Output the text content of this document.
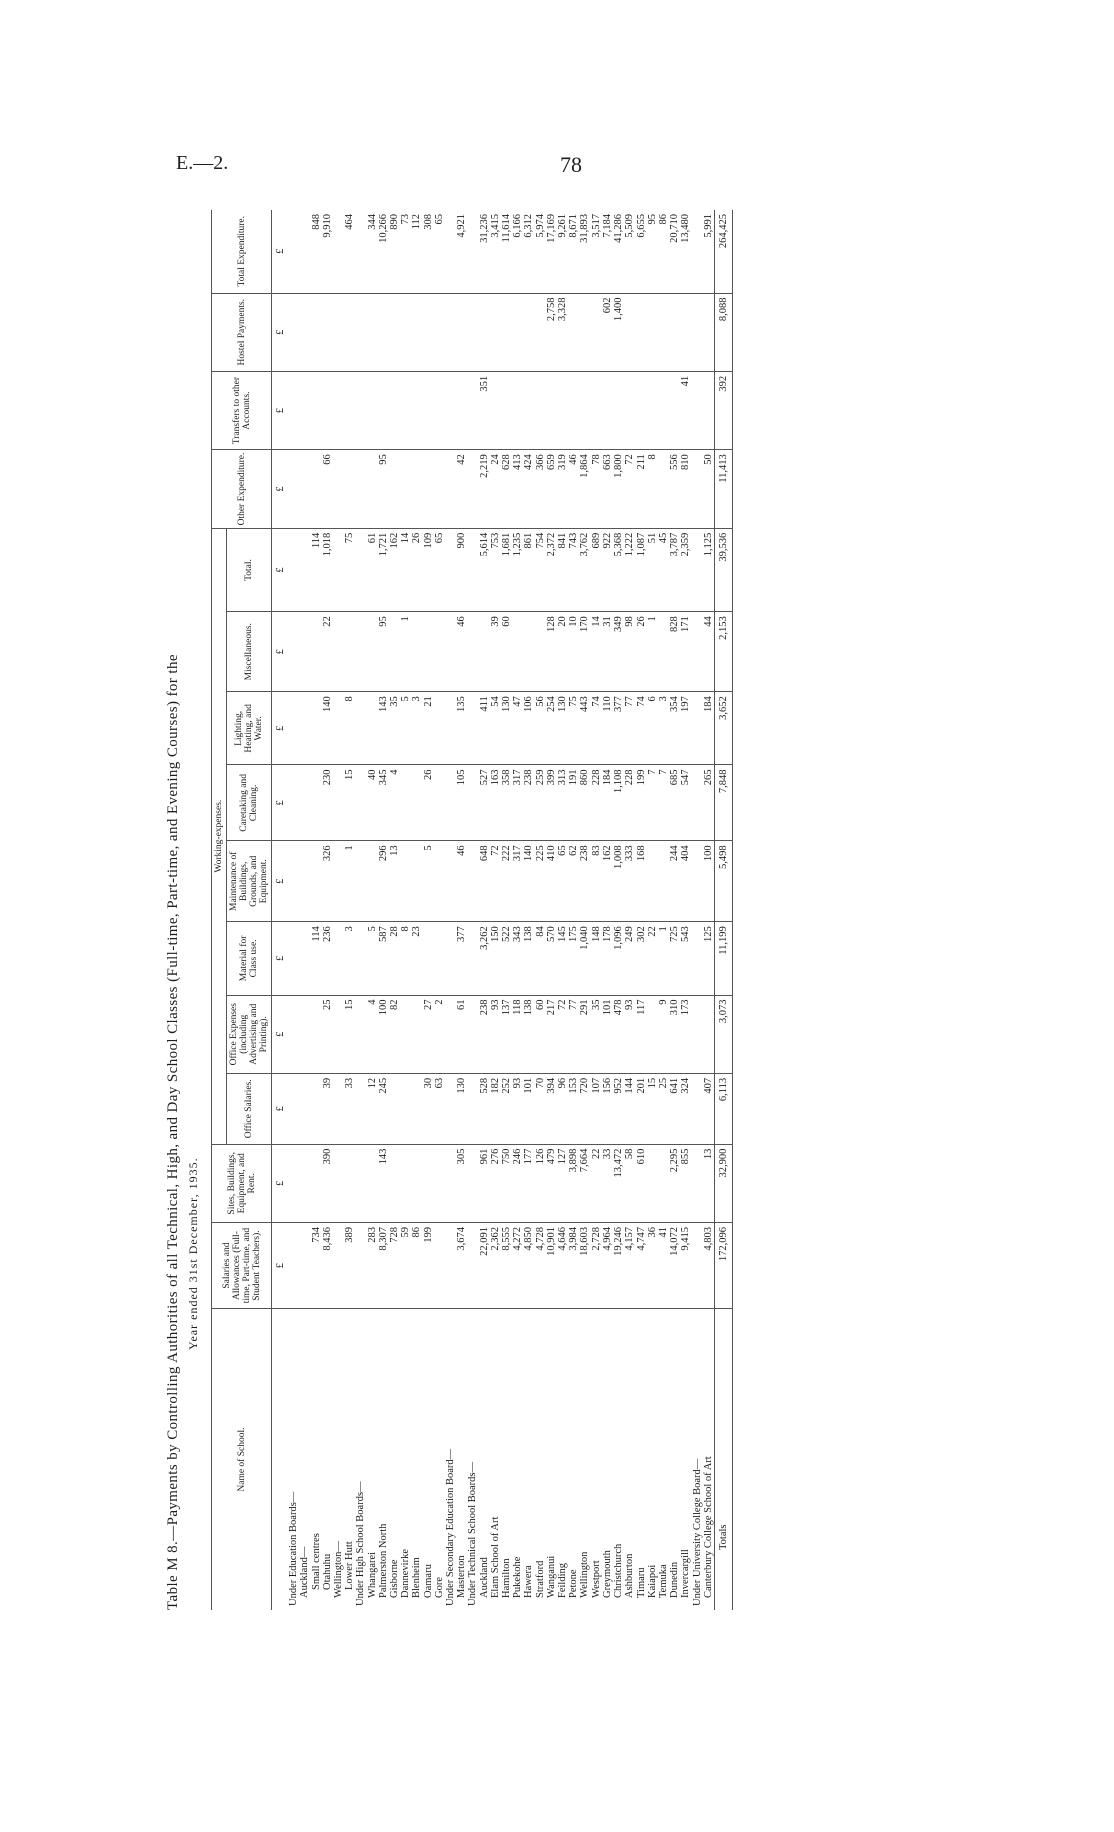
E.—2.	78
Table M 8.—Payments by Controlling Authorities of all Technical, High, and Day School Classes (Full-time, Part-time, and Evening Courses) for the Year ended 31st December, 1935.
Name of School.	Salaries and Allowances (Full-time, Part-time, and Student Teachers).	Sites, Buildings, Equipment, and Rent.	Working-expenses.								Other Expenditure.	Transfers to other Accounts.	Hostel Payments.	Total Expenditure.
			Office Salaries.	Office Expenses (including Advertising and Printing).	Material for Class use.	Maintenance of Buildings, Grounds, and Equipment.	Caretaking and Cleaning.	Lighting, Heating, and Water.	Miscellaneous.	Total.				
	£	£	£	£	£	£	£	£	£	£	£	£	£	£
Under Education Boards—														
Auckland—														
Small centres	734				114					114				848
Otahuhu	8,436	390	39	25	236	326	230	140	22	1,018	66			9,910
Wellington—														
Lower Hutt	389		33	15	3	1	15	8		75				464
Under High School Boards—														
Whangarei	283		12	4	5		40			61				344
Palmerston North	8,307	143	245	100	587	296	345	143	95	1,721	95			10,266
Gisborne	728			82	28	13	4	35		162				890
Dannevirke	59				8			5	1	14				73
Blenheim	86				23			3		26				112
Oamaru	199		30	27		5	26	21		109				308
Gore			63	2						65				65
Under Secondary Education Board—														
Masterton	3,674	305	130	61	377	46	105	135	46	900	42			4,921
Under Technical School Boards—														
Auckland	22,091	961	528	238	3,262	648	527	411		5,614	2,219	351		31,236
Elam School of Art	2,362	276	182	93	150	72	163	54	39	753	24			3,415
Hamilton	8,555	750	252	137	522	222	358	130	60	1,681	628			11,614
Pukekohe	4,272	246	93	118	343	317	317	47		1,235	413			6,166
Hawera	4,850	177	101	138	138	140	238	106		861	424			6,312
Stratford	4,728	126	70	60	84	225	259	56		754	366			5,974
Wanganui	10,901	479	394	217	570	410	399	254	128	2,372	659		2,758	17,169
Feilding	4,646	127	96	72	145	65	313	130	20	841	319		3,328	9,261
Petone	3,984	3,898	153	77	175	62	191	75	10	743	46			8,671
Wellington	18,603	7,664	720	291	1,040	238	860	443	170	3,762	1,864			31,893
Westport	2,728	22	107	35	148	83	228	74	14	689	78			3,517
Greymouth	4,964	33	156	101	178	162	184	110	31	922	663		602	7,184
Christchurch	19,246	13,472	952	478	1,096	1,008	1,108	377	349	5,368	1,800		1,400	41,286
Ashburton	4,157	58	144	93	249	333	228	77	98	1,222	72			5,509
Timaru	4,747	610	201	117	302	168	199	74	26	1,087	211			6,655
Kaiapoi	36		15		22		7	6	1	51	8			95
Temuka	41		25	9	1		7	3		45				86
Dunedin	14,072	2,295	641	310	725	244	685	354	828	3,787	556			20,710
Invercargill	9,415	855	324	173	543	404	547	197	171	2,359	810	41		13,480
Under University College Board—														
Canterbury College School of Art	4,803	13	407		125	100	265	184	44	1,125	50			5,991
Totals	172,096	32,900	6,113	3,073	11,199	5,498	7,848	3,652	2,153	39,536	11,413	392	8,088	264,425
